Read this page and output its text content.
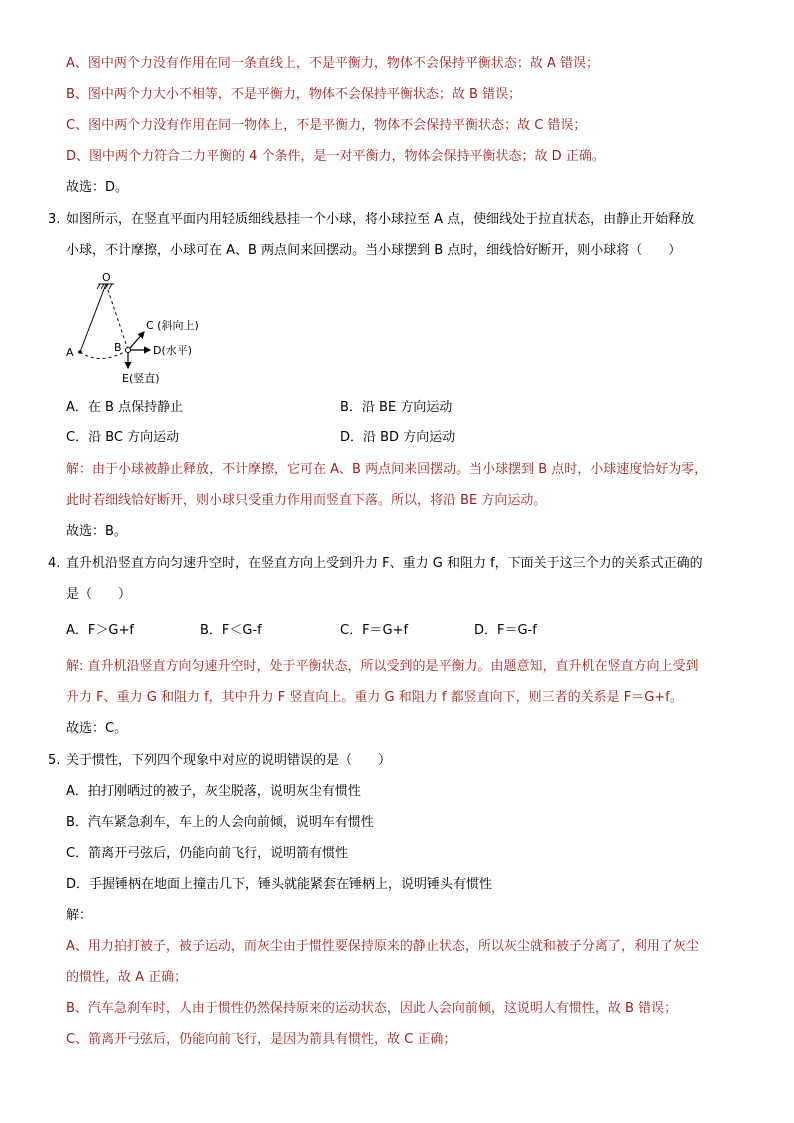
A、图中两个力没有作用在同一条直线上，不是平衡力，物体不会保持平衡状态；故 A 错误；
B、图中两个力大小不相等，不是平衡力，物体不会保持平衡状态；故 B 错误；
C、图中两个力没有作用在同一物体上，不是平衡力，物体不会保持平衡状态；故 C 错误；
D、图中两个力符合二力平衡的 4 个条件，是一对平衡力，物体会保持平衡状态；故 D 正确。
故选：D。
3. 如图所示，在竖直平面内用轻质细线悬挂一个小球，将小球拉至 A 点，使细线处于拉直状态，由静止开始释放
小球，不计摩擦，小球可在 A、B 两点间来回摆动。当小球摆到 B 点时，细线恰好断开，则小球将（　　）
O
A	B
C (斜向上)
D(水平)
E(竖直)
A．在 B 点保持静止	B．沿 BE 方向运动
C．沿 BC 方向运动	D．沿 BD 方向运动
解：由于小球被静止释放，不计摩擦，它可在 A、B 两点间来回摆动。当小球摆到 B 点时，小球速度恰好为零，
此时若细线恰好断开，则小球只受重力作用而竖直下落。所以，将沿 BE 方向运动。
故选：B。
4. 直升机沿竖直方向匀速升空时，在竖直方向上受到升力 F、重力 G 和阻力 f，下面关于这三个力的关系式正确的
是（　　）
A．F＞G+f	B．F＜G-f	C．F＝G+f	D．F＝G-f
解: 直升机沿竖直方向匀速升空时，处于平衡状态，所以受到的是平衡力。由题意知，直升机在竖直方向上受到
升力 F、重力 G 和阻力 f，其中升力 F 竖直向上。重力 G 和阻力 f 都竖直向下，则三者的关系是 F＝G+f。
故选：C。
5. 关于惯性，下列四个现象中对应的说明错误的是（　　）
A．拍打刚晒过的被子，灰尘脱落，说明灰尘有惯性
B．汽车紧急刹车，车上的人会向前倾，说明车有惯性
C．箭离开弓弦后，仍能向前飞行，说明箭有惯性
D．手握锤柄在地面上撞击几下，锤头就能紧套在锤柄上，说明锤头有惯性
解：
A、用力拍打被子，被子运动，而灰尘由于惯性要保持原来的静止状态，所以灰尘就和被子分离了，利用了灰尘
的惯性，故 A 正确；
B、汽车急刹车时，人由于惯性仍然保持原来的运动状态，因此人会向前倾，这说明人有惯性，故 B 错误；
C、箭离开弓弦后，仍能向前飞行，是因为箭具有惯性，故 C 正确；
